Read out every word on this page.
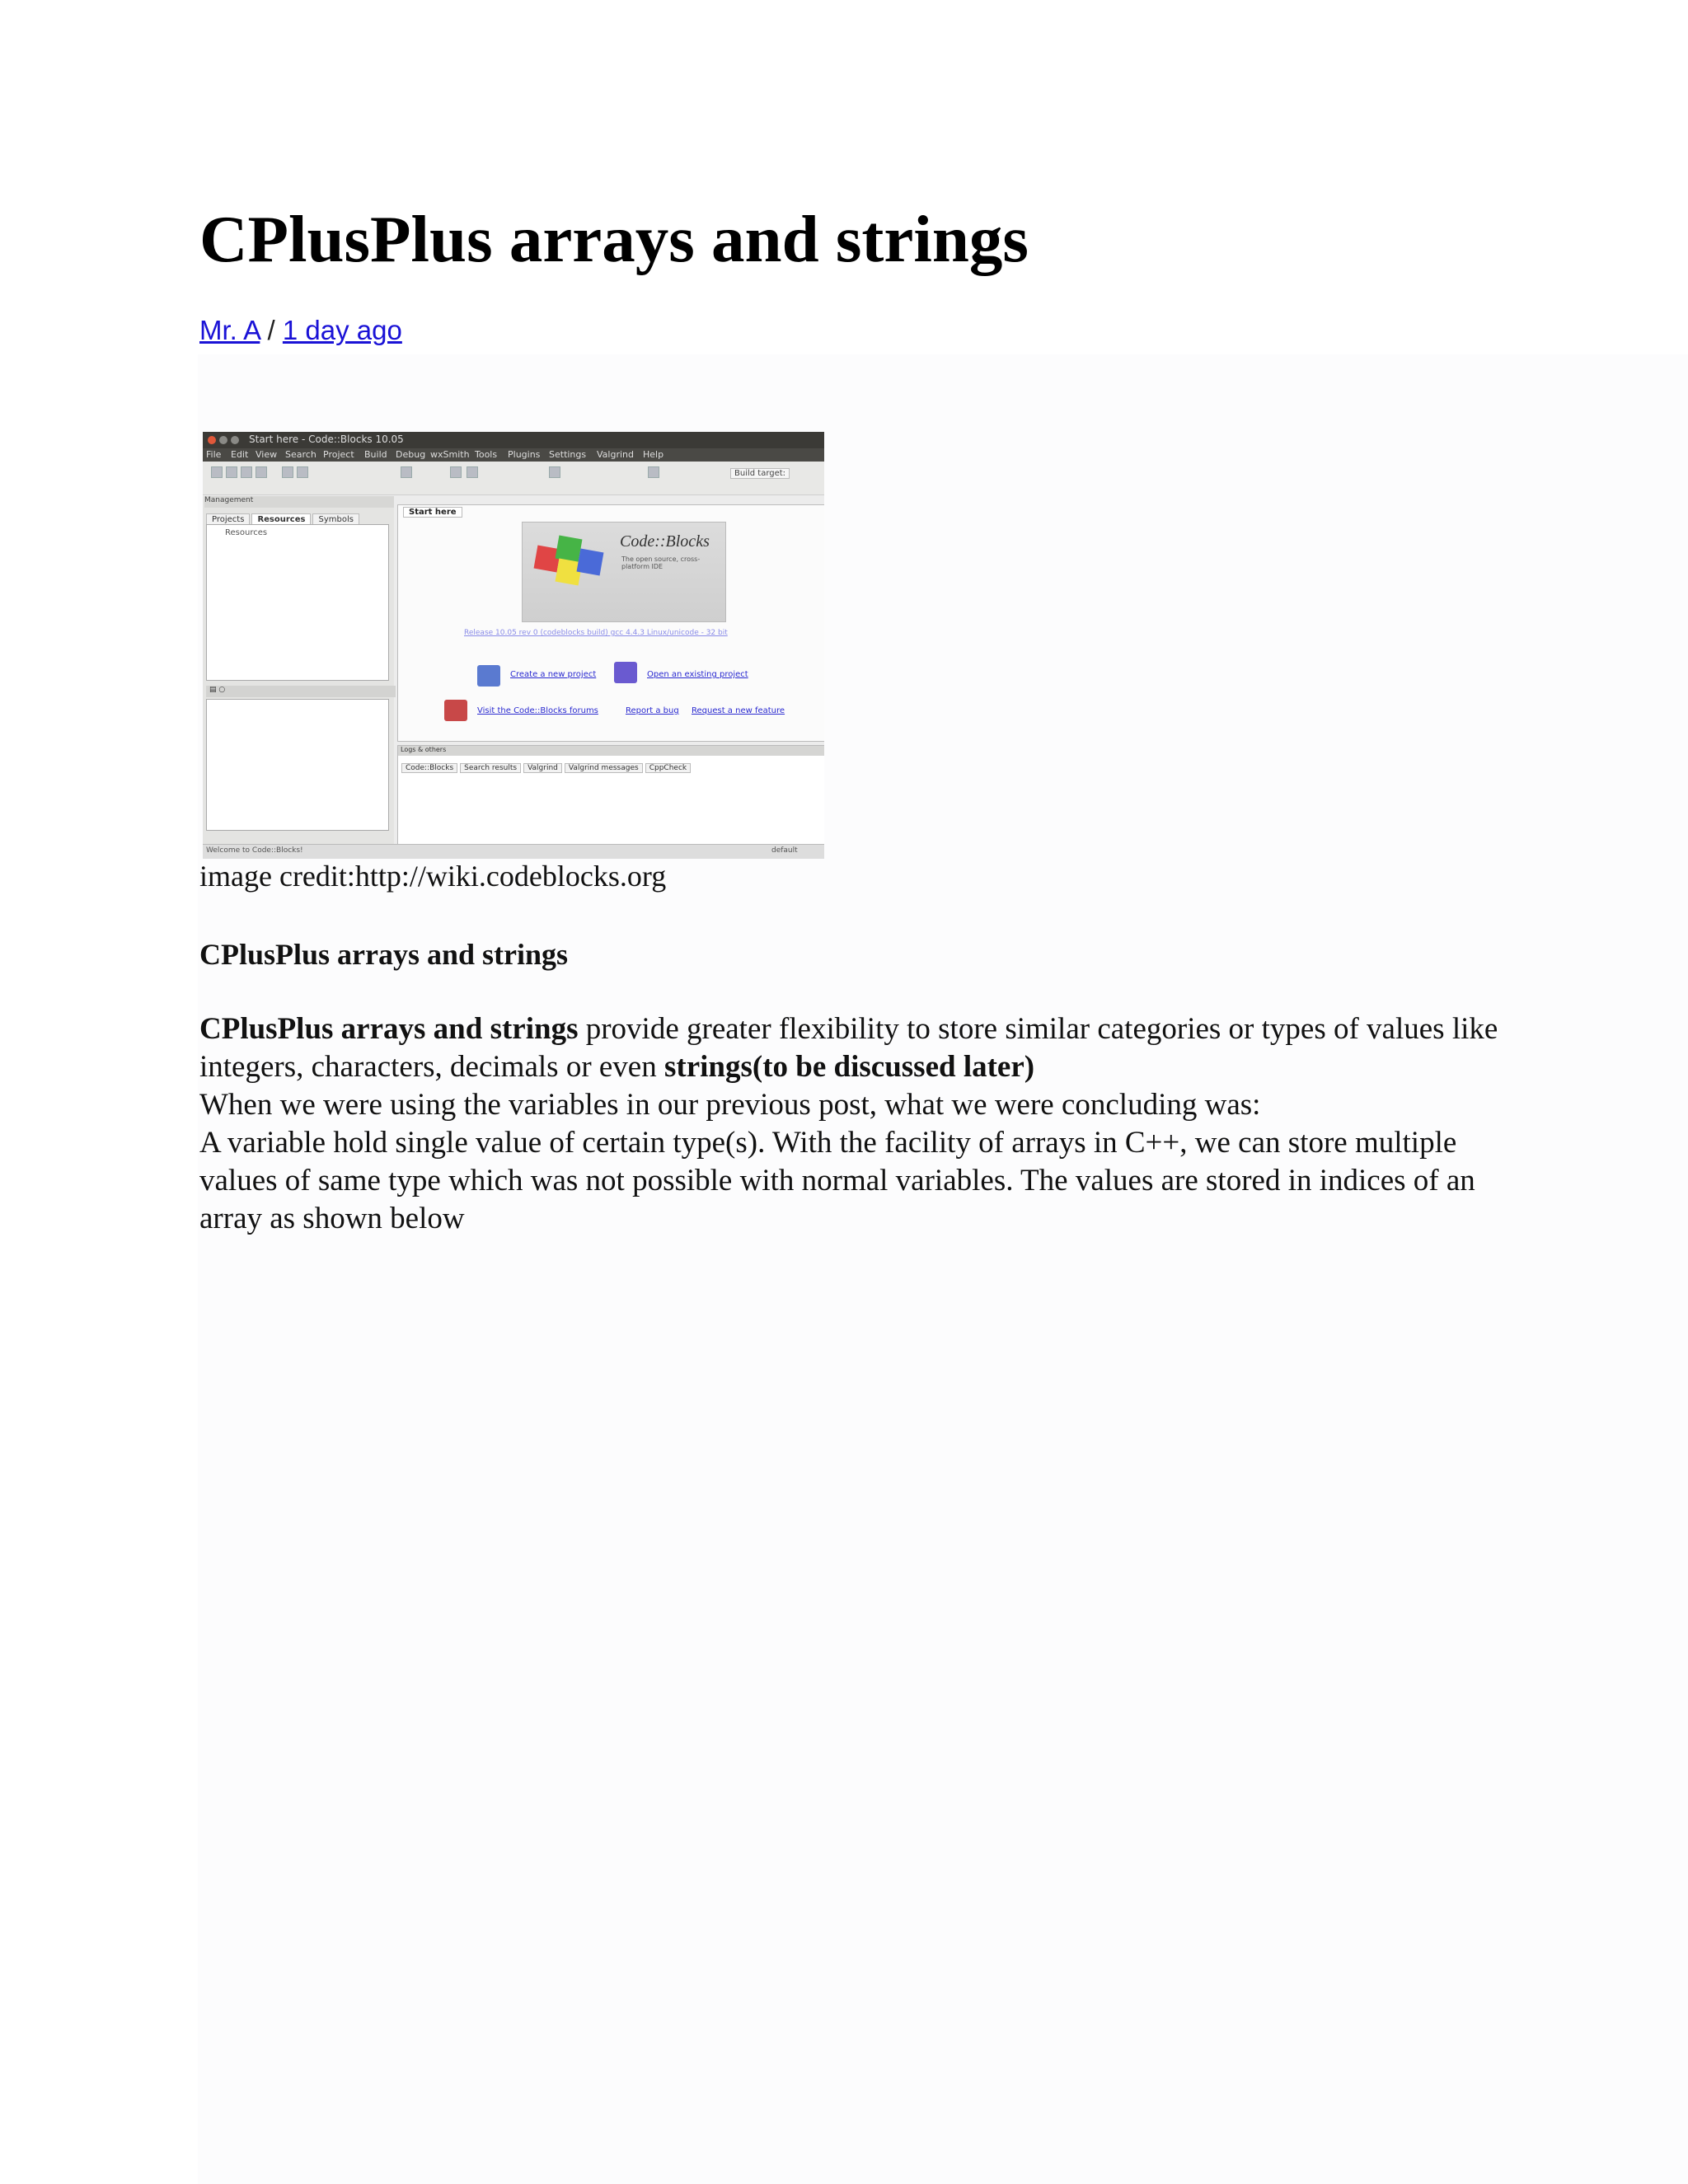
CPlusPlus arrays and strings
Mr. A / 1 day ago
Start here - Code::Blocks 10.05
File Edit View Search Project Build Debug wxSmith Tools Plugins Settings Valgrind Help
Build target:
Management
Projects Resources Symbols
Resources
▤ ○
Start here
Code::Blocks
The open source, cross-platform IDE
Release 10.05 rev 0 (codeblocks build) gcc 4.4.3 Linux/unicode - 32 bit
Create a new project	Open an existing project
Visit the Code::Blocks forums	Report a bug Request a new feature
Logs & others
Code::Blocks Search results Valgrind Valgrind messages CppCheck
Welcome to Code::Blocks!	default
image credit:http://wiki.codeblocks.org
CPlusPlus arrays and strings

CPlusPlus arrays and strings provide greater flexibility to store similar categories or types of values like integers, characters, decimals or even strings(to be discussed later)

When we were using the variables in our previous post, what we were concluding was:

A variable hold single value of certain type(s). With the facility of arrays in C++, we can store multiple values of same type which was not possible with normal variables. The values are stored in indices of an array as shown below
